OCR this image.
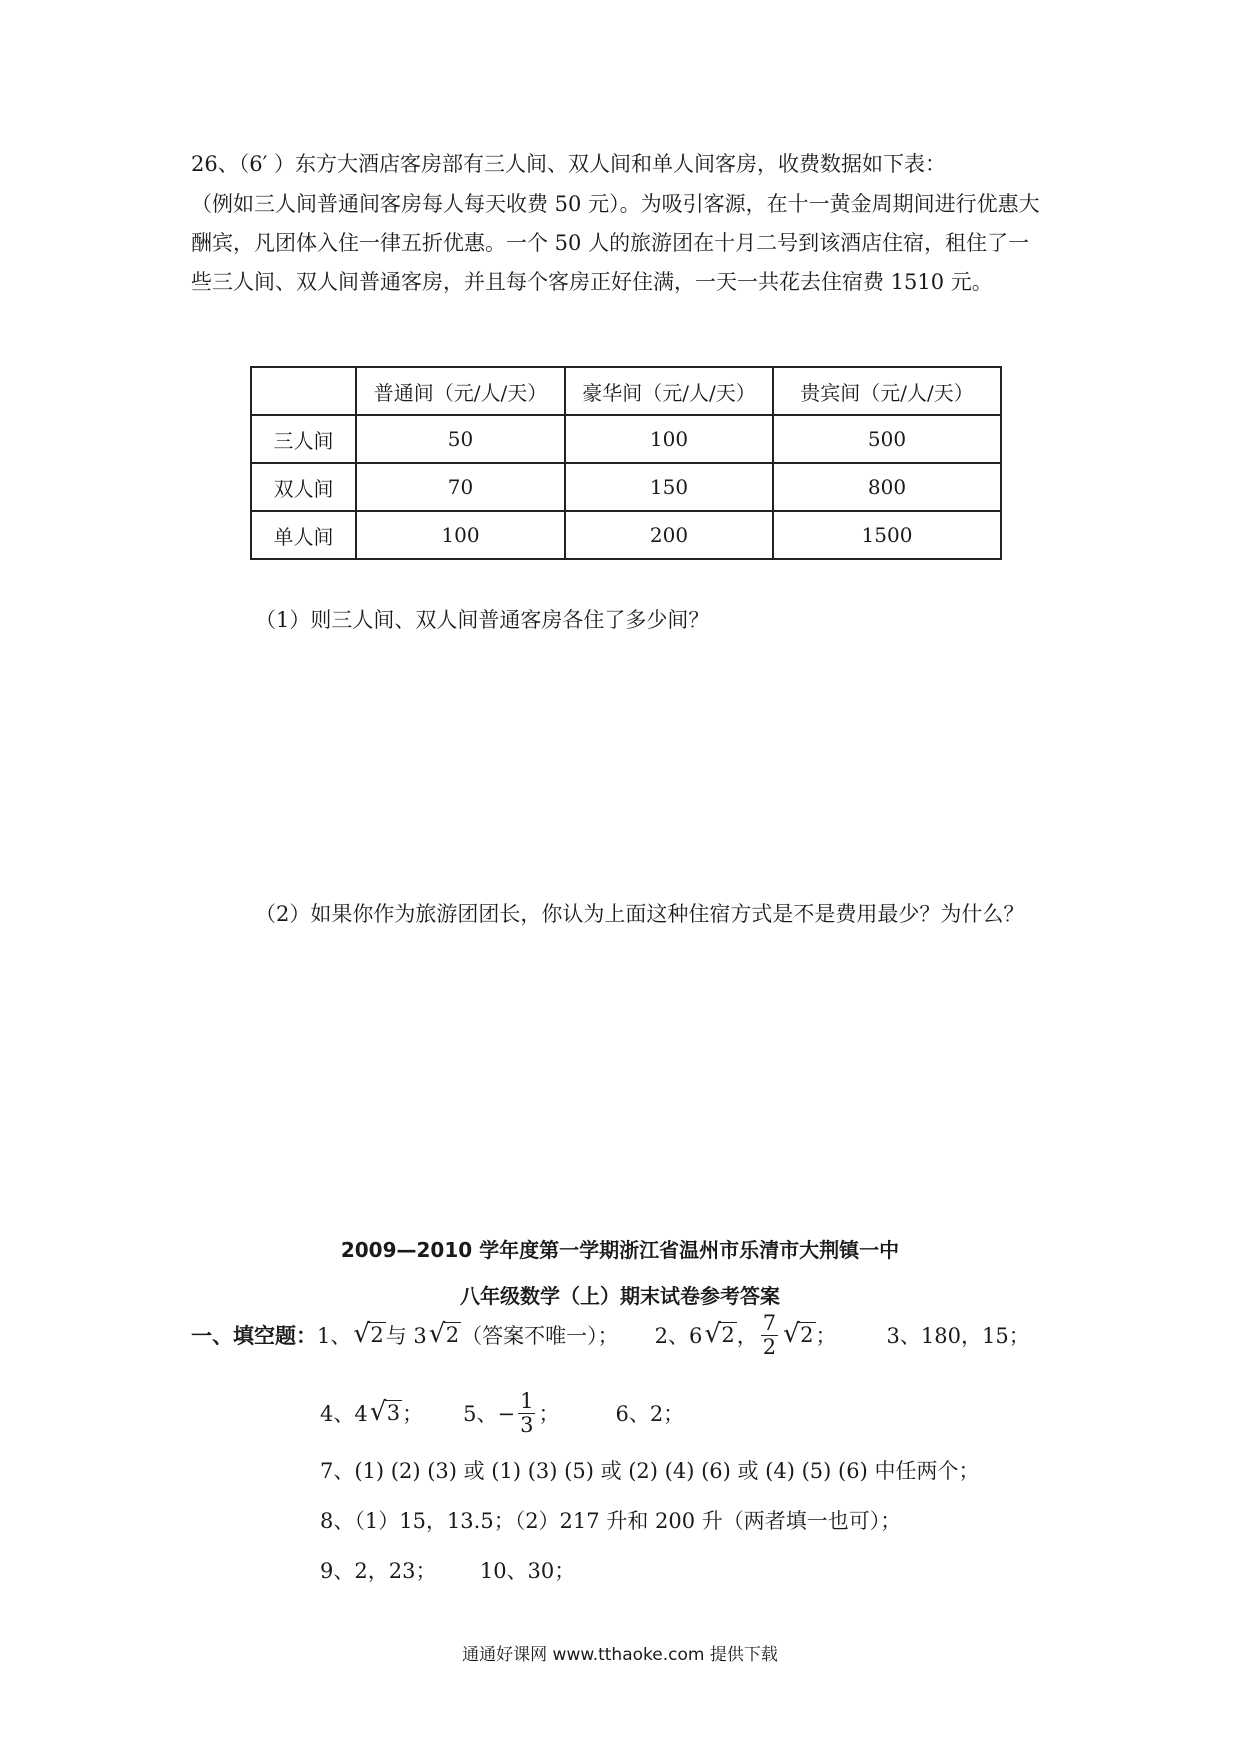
26、（6′ ）东方大酒店客房部有三人间、双人间和单人间客房，收费数据如下表：
（例如三人间普通间客房每人每天收费 50 元）。为吸引客源，在十一黄金周期间进行优惠大
酬宾，凡团体入住一律五折优惠。一个 50 人的旅游团在十月二号到该酒店住宿，租住了一
些三人间、双人间普通客房，并且每个客房正好住满，一天一共花去住宿费 1510 元。
	普通间（元/人/天）	豪华间（元/人/天）	贵宾间（元/人/天）
三人间	50	100	500
双人间	70	150	800
单人间	100	200	1500
（1）则三人间、双人间普通客房各住了多少间？
（2）如果你作为旅游团团长，你认为上面这种住宿方式是不是费用最少？为什么？
2009—2010 学年度第一学期浙江省温州市乐清市大荆镇一中
八年级数学（上）期末试卷参考答案
一、填空题： 1、 √ 2 与 3 √ 2 （答案不唯一）； 2、6 √ 2 ， $\frac{7}{2}$ √ 2 ； 3、180，15；
4、4 √ 3 ； 5、− $\frac{1}{3}$ ；	6、2；
7、(1) (2) (3) 或 (1) (3) (5) 或 (2) (4) (6) 或 (4) (5) (6) 中任两个；
8、（1）15，13.5；（2）217 升和 200 升（两者填一也可）；
9、2，23； 10、30；
通通好课网 www.tthaoke.com 提供下载
